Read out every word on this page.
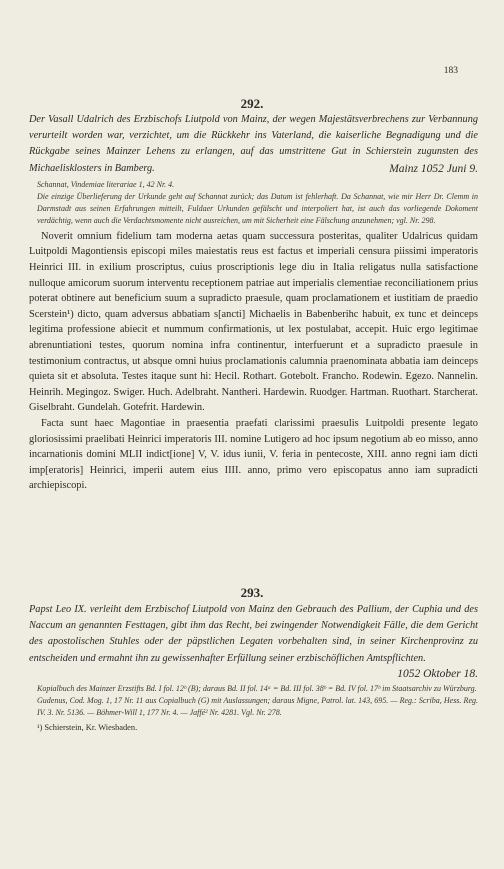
183
292.
Der Vasall Udalrich des Erzbischofs Liutpold von Mainz, der wegen Majestätsverbrechens zur Verbannung verurteilt worden war, verzichtet, um die Rückkehr ins Vaterland, die kaiserliche Begnadigung und die Rückgabe seines Mainzer Lehens zu erlangen, auf das umstrittene Gut in Schierstein zugunsten des Michaelisklosters in Bamberg.	Mainz 1052 Juni 9.
Schannat, Vindemiae literariae 1, 42 Nr. 4.
Die einzige Überlieferung der Urkunde geht auf Schannat zurück; das Datum ist fehlerhaft. Da Schannat, wie mir Herr Dr. Clemm in Darmstadt aus seinen Erfahrungen mitteilt, Fuldaer Urkunden gefälscht und interpoliert hat, ist auch das vorliegende Dokoment verdächtig, wenn auch die Verdachtsmomente nicht ausreichen, um mit Sicherheit eine Fälschung anzunehmen; vgl. Nr. 298.

Noverit omnium fidelium tam moderna aetas quam successura posteritas, qualiter Udalricus quidam Luitpoldi Magontiensis episcopi miles maiestatis reus est factus et imperiali censura piissimi imperatoris Heinrici III. in exilium proscriptus, cuius proscriptionis lege diu in Italia religatus nulla satisfactione nulloque amicorum suorum interventu receptionem patriae aut imperialis clementiae reconciliationem prius poterat obtinere aut beneficium suum a supradicto praesule, quam proclamationem et iustitiam de praedio Scerstein¹) dicto, quam adversus abbatiam s[ancti] Michaelis in Babenberihc habuit, ex tunc et deinceps legitima professione abiecit et nummum confirmationis, ut lex postulabat, accepit. Huic ergo legitimae abrenuntiationi testes, quorum nomina infra continentur, interfuerunt et a supradicto praesule in testimonium contractus, ut absque omni huius proclamationis calumnia praenominata abbatia iam deinceps quieta sit et absoluta. Testes itaque sunt hi: Hecil. Rothart. Gotebolt. Francho. Rodewin. Egezo. Nannelin. Heinrih. Megingoz. Swiger. Huch. Adelbraht. Nantheri. Hardewin. Ruodger. Hartman. Ruothart. Starcherat. Giselbraht. Gundelah. Gotefrit. Hardewin.

Facta sunt haec Magontiae in praesentia praefati clarissimi praesulis Luitpoldi presente legato gloriosissimi praelibati Heinrici imperatoris III. nomine Lutigero ad hoc ipsum negotium ab eo misso, anno incarnationis domini MLII indict[ione] V, V. idus iunii, V. feria in pentecoste, XIII. anno regni iam dicti imp[eratoris] Heinrici, imperii autem eius IIII. anno, primo vero episcopatus anno iam supradicti archiepiscopi.

293.
Papst Leo IX. verleiht dem Erzbischof Liutpold von Mainz den Gebrauch des Pallium, der Cuphia und des Naccum an genannten Festtagen, gibt ihm das Recht, bei zwingender Notwendigkeit Fälle, die dem Gericht des apostolischen Stuhles oder der päpstlichen Legaten vorbehalten sind, in seiner Kirchenprovinz zu entscheiden und ermahnt ihn zu gewissenhafter Erfüllung seiner erzbischöflichen Amtspflichten.
1052 Oktober 18.
Kopialbuch des Mainzer Erzstifts Bd. I fol. 12ᵇ (B); daraus Bd. II fol. 14ᵃ = Bd. III fol. 38ᵇ = Bd. IV fol. 17ᵇ im Staatsarchiv zu Würzburg.
Gudenus, Cod. Mog. 1, 17 Nr. 11 aus Copialbuch (G) mit Auslassungen; daraus Migne, Patrol. lat. 143, 695. — Reg.: Scriba, Hess. Reg. IV. 3. Nr. 5136. — Böhmer-Will 1, 177 Nr. 4. — Jaffé² Nr. 4281. Vgl. Nr. 278.
¹) Schierstein, Kr. Wiesbaden.
